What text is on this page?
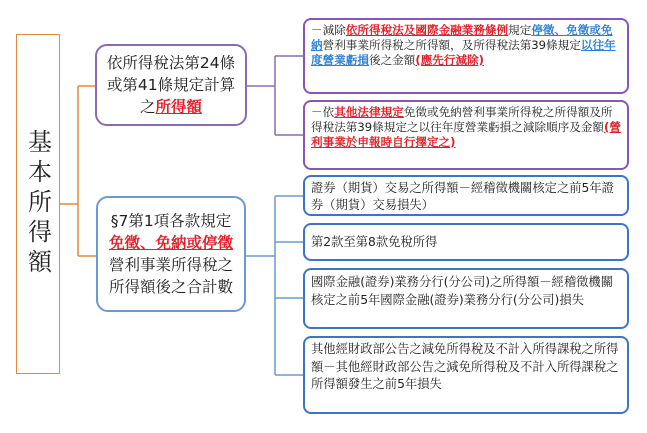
基本所得額
依所得稅法第24條或第41條規定計算之所得額
§7第1項各款規定免徵、免納或停徵營利事業所得稅之所得額後之合計數
－減除依所得稅法及國際金融業務條例規定停徵、免徵或免納營利事業所得稅之所得額，及所得稅法第39條規定以往年度營業虧損後之金額(應先行減除)
－依其他法律規定免徵或免納營利事業所得稅之所得額及所得稅法第39條規定之以往年度營業虧損之減除順序及金額(營利事業於申報時自行擇定之)
證券（期貨）交易之所得額－經稽徵機關核定之前5年證券（期貨）交易損失）
第2款至第8款免稅所得
國際金融(證券)業務分行(分公司)之所得額－經稽徵機關核定之前5年國際金融(證券)業務分行(分公司)損失
其他經財政部公告之減免所得稅及不計入所得課稅之所得額－其他經財政部公告之減免所得稅及不計入所得課稅之所得額發生之前5年損失
